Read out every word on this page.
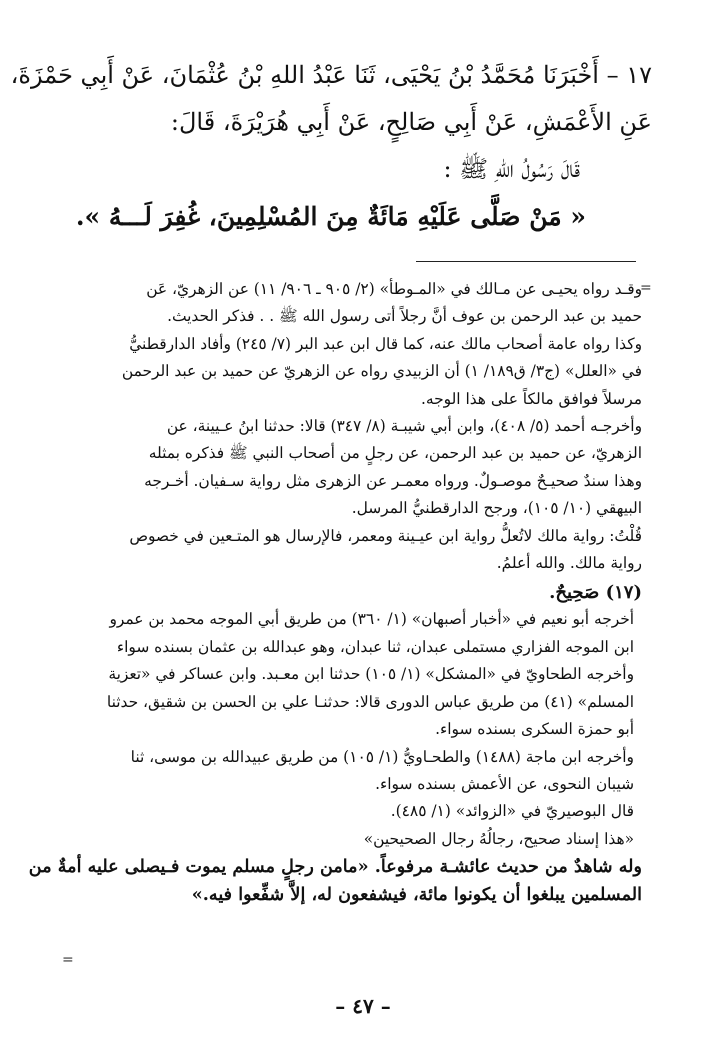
١٧ – أَخْبَرَنَا مُحَمَّدُ بْنُ يَحْيَى، ثَنَا عَبْدُ اللهِ بْنُ عُثْمَانَ، عَنْ أَبِي حَمْزَةَ،
عَنِ الأَعْمَشِ، عَنْ أَبِي صَالِحٍ، عَنْ أَبِي هُرَيْرَةَ، قَالَ:
قَالَ رَسُولُ اللهِ ﷺ :
« مَنْ صَلَّى عَلَيْهِ مَائَةٌ مِنَ المُسْلِمِينَ، غُفِرَ لَـــهُ ».
=
وقـد رواه يحيـى عن مـالك في «المـوطأ» (٢/ ٩٠٥ ـ ٩٠٦/ ١١) عن الزهريّ، عَن
حميد بن عبد الرحمن بن عوف أنَّ رجلاً أتى رسول الله ﷺ . . فذكر الحديث.
وكذا رواه عامة أصحاب مالك عنه، كما قال ابن عبد البر (٧/ ٢٤٥) وأفاد الدارقطنيُّ
في «العلل» (ج٣/ ق١٨٩/ ١) أن الزبيدي رواه عن الزهريّ عن حميد بن عبد الرحمن
مرسلاً فوافق مالكاً على هذا الوجه.
وأخرجـه أحمد (٥/ ٤٠٨)، وابن أبي شيبـة (٨/ ٣٤٧) قالا: حدثنا ابنُ عـيينة، عن
الزهريّ، عن حميد بن عبد الرحمن، عن رجلٍ من أصحاب النبي ﷺ فذكره بمثله
وهذا سندٌ صحيـحٌ موصـولٌ. ورواه معمـر عن الزهرى مثل رواية سـفيان. أخـرجه
البيهقي (١٠/ ١٠٥)، ورجح الدارقطنيُّ المرسل.
قُلْتُ: رواية مالك لاتُعلُّ رواية ابن عيـينة ومعمر، فالإرسال هو المتـعين في خصوص
رواية مالك. والله أعلمُ.
(١٧) صَحِيحٌ.
أخرجه أبو نعيم في «أخبار أصبهان» (١/ ٣٦٠) من طريق أبي الموجه محمد بن عمرو
ابن الموجه الفزاري مستملى عبدان، ثنا عبدان، وهو عبدالله بن عثمان بسنده سواء
وأخرجه الطحاويّ في «المشكل» (١/ ١٠٥) حدثنا ابن معـبد. وابن عساكر في «تعزية
المسلم» (٤١) من طريق عباس الدورى قالا: حدثنـا علي بن الحسن بن شقيق، حدثنا
أبو حمزة السكرى بسنده سواء.
وأخرجه ابن ماجة (١٤٨٨) والطحـاويُّ (١/ ١٠٥) من طريق عبيدالله بن موسى، ثنا
شيبان النحوى، عن الأعمش بسنده سواء.
قال البوصيريّ في «الزوائد» (١/ ٤٨٥).
«هذا إسناد صحيح، رجالُهُ رجال الصحيحين»
وله شاهدٌ من حديث عائشـة مرفوعاً. «مامن رجلٍ مسلم يموت فـيصلى عليه أمةٌ من
المسلمين يبلغوا أن يكونوا مائة، فيشفعون له، إلاَّ شفِّعوا فيه.»
=
– ٤٧ –
